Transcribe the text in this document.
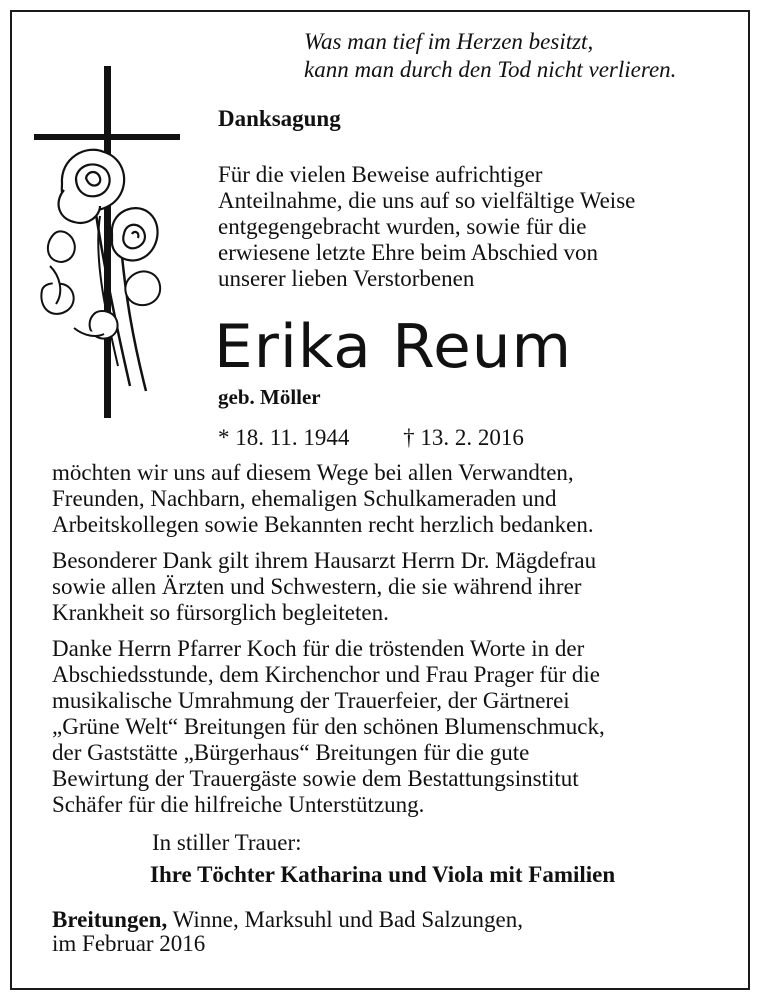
Was man tief im Herzen besitzt,
kann man durch den Tod nicht verlieren.
Danksagung
Für die vielen Beweise aufrichtiger
Anteilnahme, die uns auf so vielfältige Weise
entgegengebracht wurden, sowie für die
erwiesene letzte Ehre beim Abschied von
unserer lieben Verstorbenen
Erika Reum
geb. Möller
* 18. 11. 1944 † 13. 2. 2016
möchten wir uns auf diesem Wege bei allen Verwandten,
Freunden, Nachbarn, ehemaligen Schulkameraden und
Arbeitskollegen sowie Bekannten recht herzlich bedanken.
Besonderer Dank gilt ihrem Hausarzt Herrn Dr. Mägdefrau
sowie allen Ärzten und Schwestern, die sie während ihrer
Krankheit so fürsorglich begleiteten.
Danke Herrn Pfarrer Koch für die tröstenden Worte in der
Abschiedsstunde, dem Kirchenchor und Frau Prager für die
musikalische Umrahmung der Trauerfeier, der Gärtnerei
„Grüne Welt“ Breitungen für den schönen Blumenschmuck,
der Gaststätte „Bürgerhaus“ Breitungen für die gute
Bewirtung der Trauergäste sowie dem Bestattungsinstitut
Schäfer für die hilfreiche Unterstützung.
In stiller Trauer:
Ihre Töchter Katharina und Viola mit Familien
Breitungen, Winne, Marksuhl und Bad Salzungen,
im Februar 2016
